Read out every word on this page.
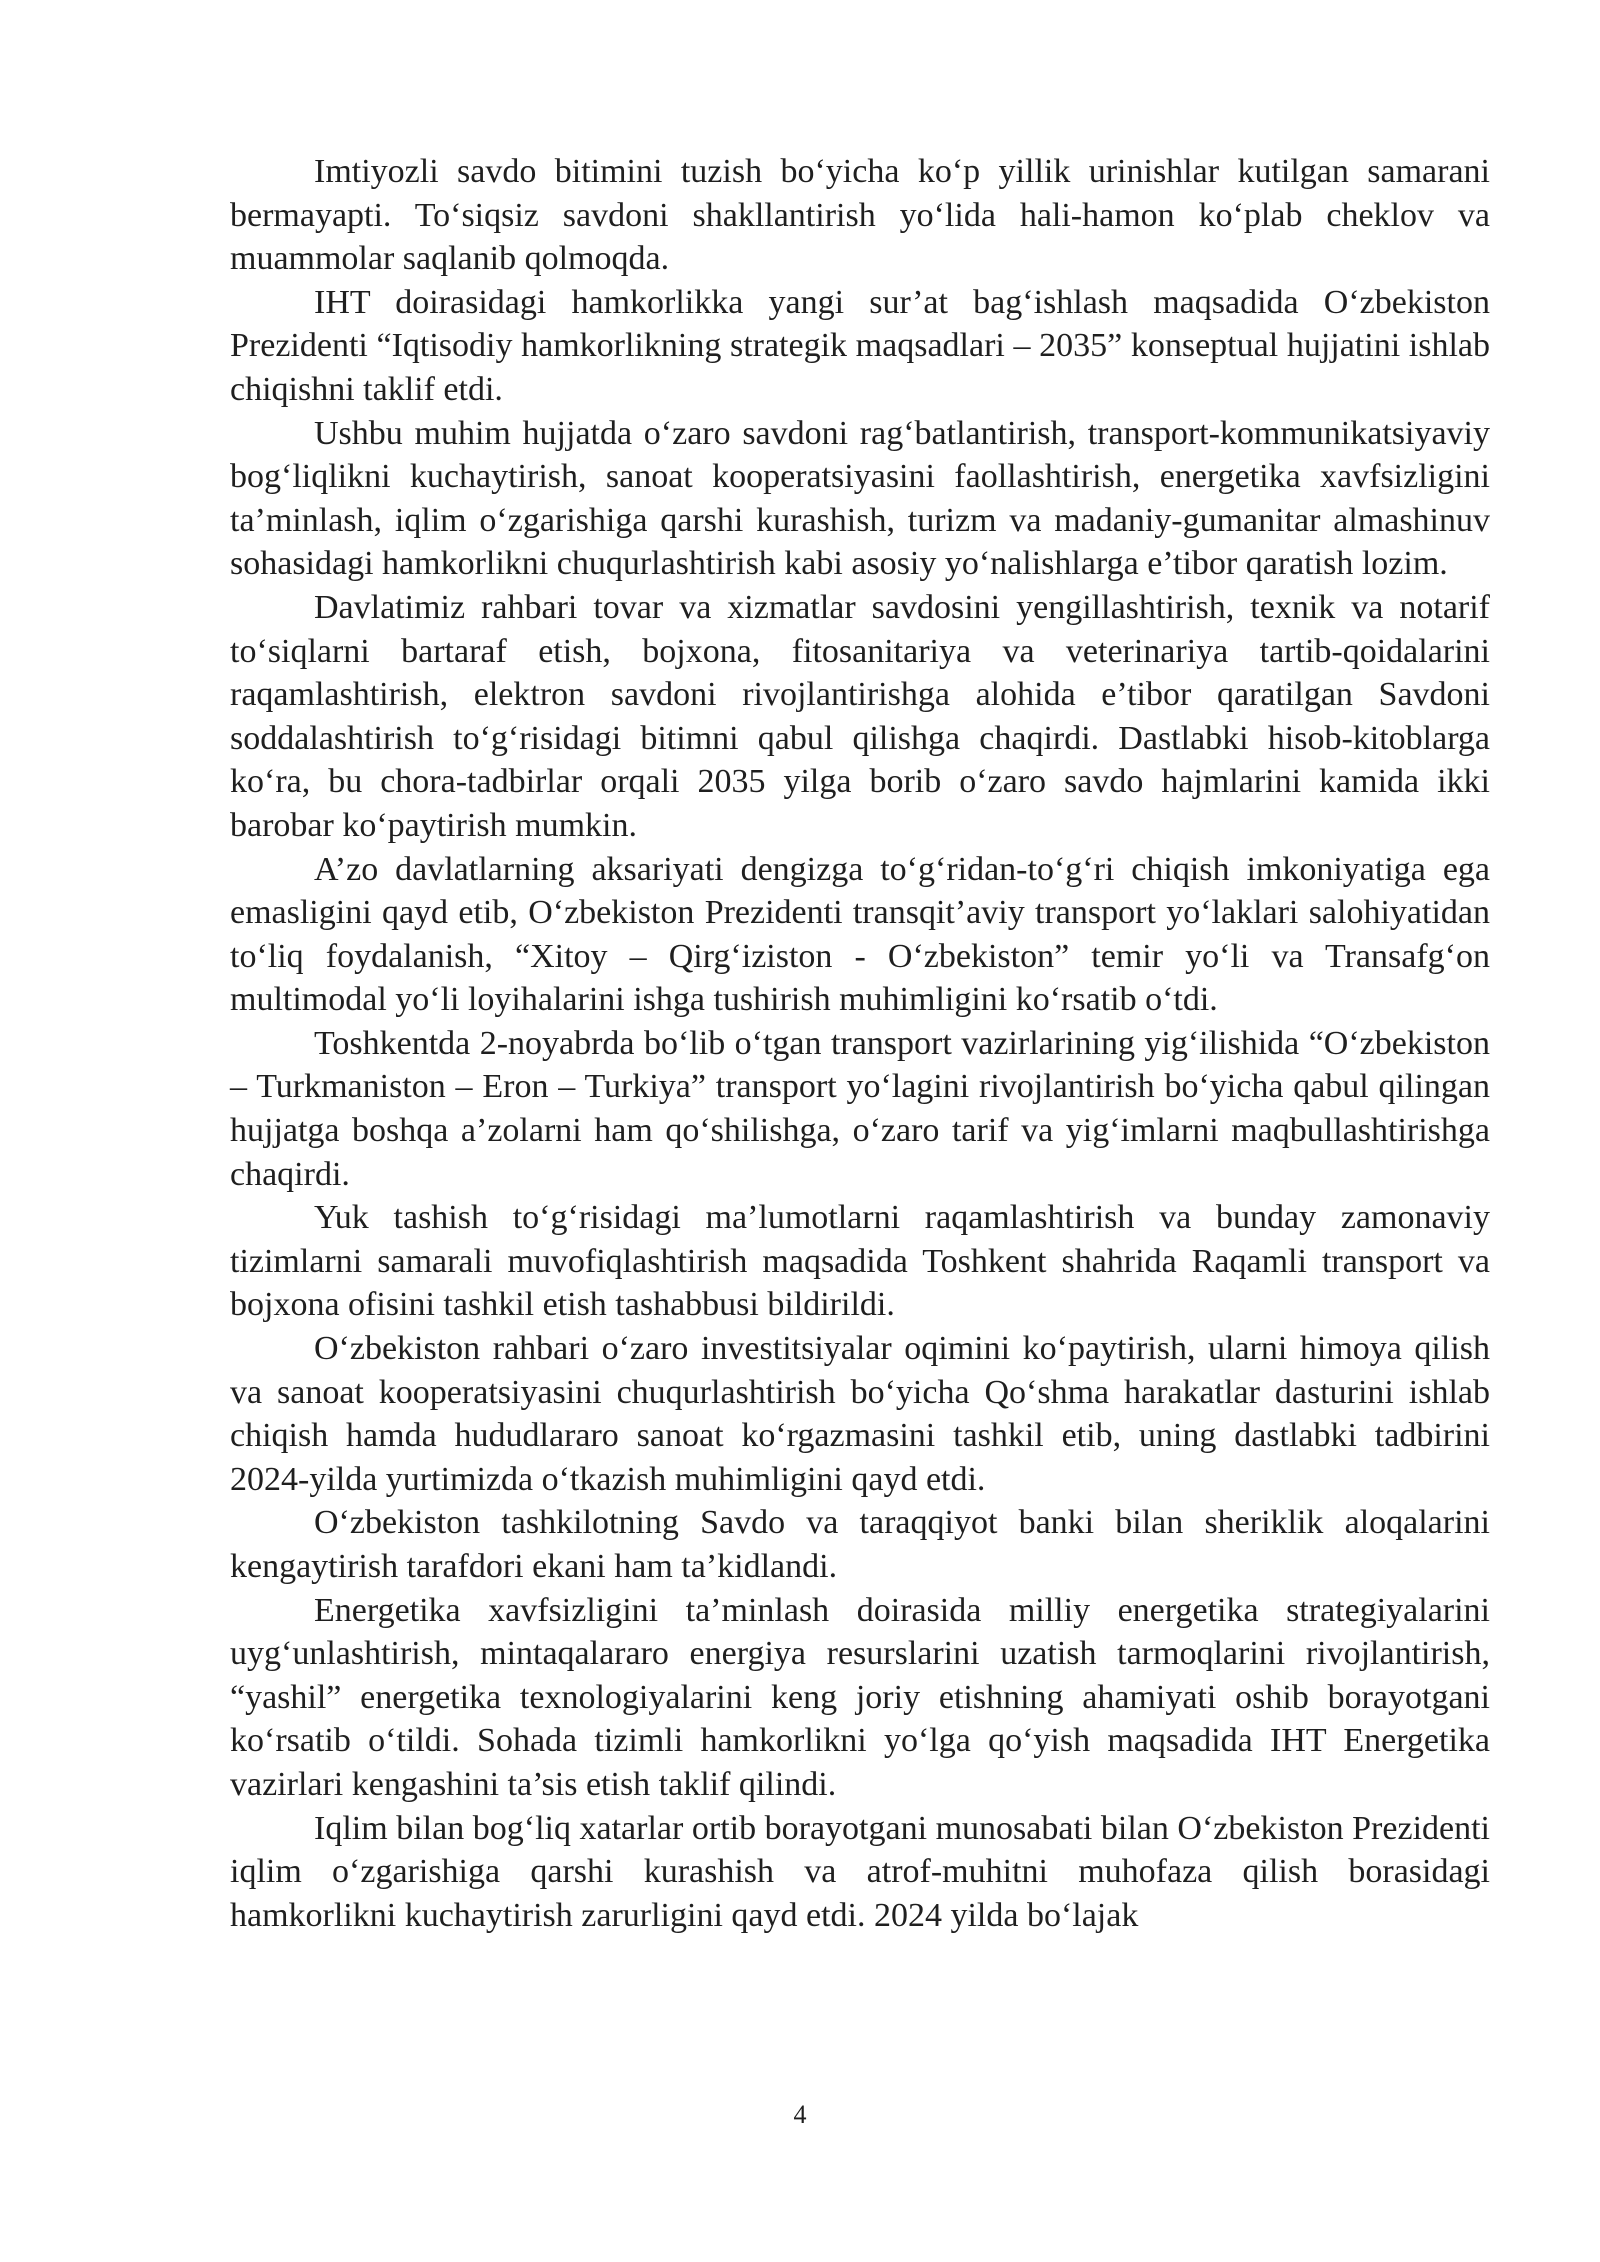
Imtiyozli savdo bitimini tuzish bo‘yicha ko‘p yillik urinishlar kutilgan samarani bermayapti. To‘siqsiz savdoni shakllantirish yo‘lida hali-hamon ko‘plab cheklov va muammolar saqlanib qolmoqda.

IHT doirasidagi hamkorlikka yangi sur’at bag‘ishlash maqsadida O‘zbekiston Prezidenti “Iqtisodiy hamkorlikning strategik maqsadlari – 2035” konseptual hujjatini ishlab chiqishni taklif etdi.

Ushbu muhim hujjatda o‘zaro savdoni rag‘batlantirish, transport-kommunikatsiyaviy bog‘liqlikni kuchaytirish, sanoat kooperatsiyasini faollashtirish, energetika xavfsizligini ta’minlash, iqlim o‘zgarishiga qarshi kurashish, turizm va madaniy-gumanitar almashinuv sohasidagi hamkorlikni chuqurlashtirish kabi asosiy yo‘nalishlarga e’tibor qaratish lozim.

Davlatimiz rahbari tovar va xizmatlar savdosini yengillashtirish, texnik va notarif to‘siqlarni bartaraf etish, bojxona, fitosanitariya va veterinariya tartib-qoidalarini raqamlashtirish, elektron savdoni rivojlantirishga alohida e’tibor qaratilgan Savdoni soddalashtirish to‘g‘risidagi bitimni qabul qilishga chaqirdi. Dastlabki hisob-kitoblarga ko‘ra, bu chora-tadbirlar orqali 2035 yilga borib o‘zaro savdo hajmlarini kamida ikki barobar ko‘paytirish mumkin.

A’zo davlatlarning aksariyati dengizga to‘g‘ridan-to‘g‘ri chiqish imkoniyatiga ega emasligini qayd etib, O‘zbekiston Prezidenti transqit’aviy transport yo‘laklari salohiyatidan to‘liq foydalanish, “Xitoy – Qirg‘iziston - O‘zbekiston” temir yo‘li va Transafg‘on multimodal yo‘li loyihalarini ishga tushirish muhimligini ko‘rsatib o‘tdi.

Toshkentda 2-noyabrda bo‘lib o‘tgan transport vazirlarining yig‘ilishida “O‘zbekiston – Turkmaniston – Eron – Turkiya” transport yo‘lagini rivojlantirish bo‘yicha qabul qilingan hujjatga boshqa a’zolarni ham qo‘shilishga, o‘zaro tarif va yig‘imlarni maqbullashtirishga chaqirdi.

Yuk tashish to‘g‘risidagi ma’lumotlarni raqamlashtirish va bunday zamonaviy tizimlarni samarali muvofiqlashtirish maqsadida Toshkent shahrida Raqamli transport va bojxona ofisini tashkil etish tashabbusi bildirildi.

O‘zbekiston rahbari o‘zaro investitsiyalar oqimini ko‘paytirish, ularni himoya qilish va sanoat kooperatsiyasini chuqurlashtirish bo‘yicha Qo‘shma harakatlar dasturini ishlab chiqish hamda hududlararo sanoat ko‘rgazmasini tashkil etib, uning dastlabki tadbirini 2024-yilda yurtimizda o‘tkazish muhimligini qayd etdi.

O‘zbekiston tashkilotning Savdo va taraqqiyot banki bilan sheriklik aloqalarini kengaytirish tarafdori ekani ham ta’kidlandi.

Energetika xavfsizligini ta’minlash doirasida milliy energetika strategiyalarini uyg‘unlashtirish, mintaqalararo energiya resurslarini uzatish tarmoqlarini rivojlantirish, “yashil” energetika texnologiyalarini keng joriy etishning ahamiyati oshib borayotgani ko‘rsatib o‘tildi. Sohada tizimli hamkorlikni yo‘lga qo‘yish maqsadida IHT Energetika vazirlari kengashini ta’sis etish taklif qilindi.

Iqlim bilan bog‘liq xatarlar ortib borayotgani munosabati bilan O‘zbekiston Prezidenti iqlim o‘zgarishiga qarshi kurashish va atrof-muhitni muhofaza qilish borasidagi hamkorlikni kuchaytirish zarurligini qayd etdi. 2024 yilda bo‘lajak

4
